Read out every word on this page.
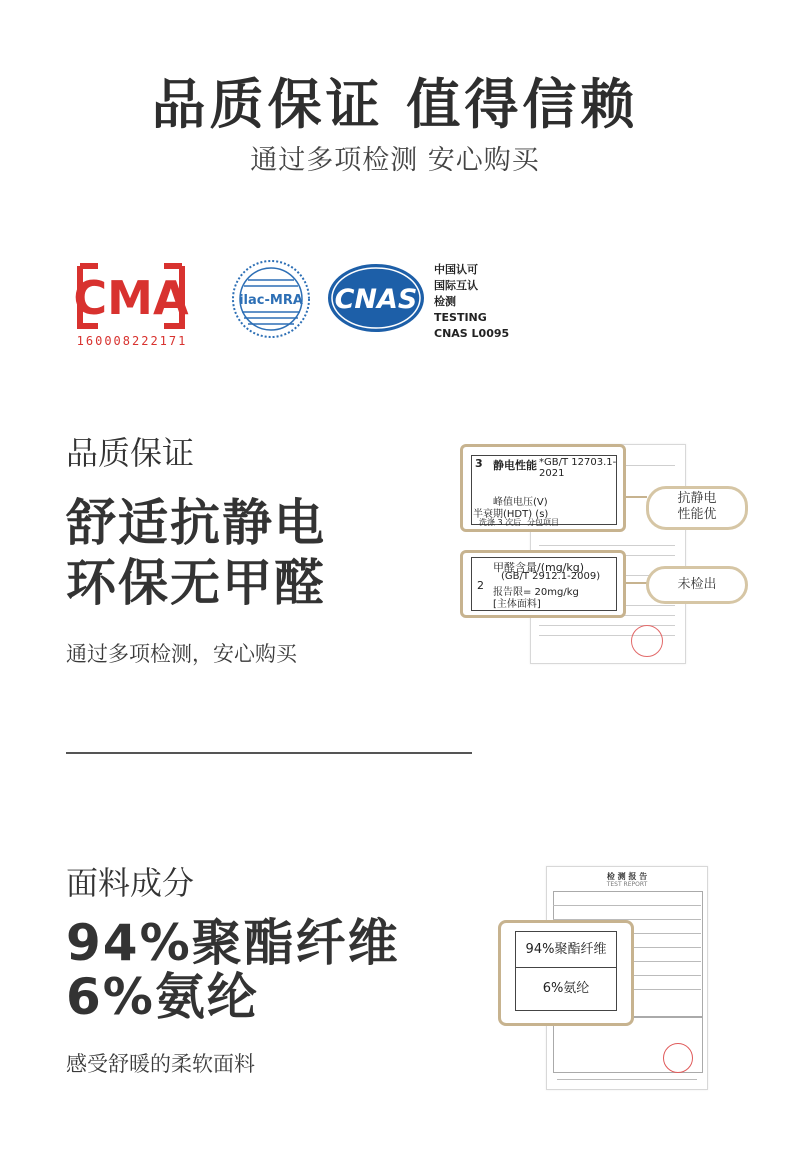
品质保证 值得信赖
通过多项检测 安心购买
CMA
160008222171
ilac-MRA CNAS
中国认可
国际互认
检测
TESTING
CNAS L0095
品质保证
舒适抗静电
环保无甲醛
通过多项检测，安心购买
3 静电性能 *GB/T 12703.1-2021
峰值电压(V)
半衰期(HDT) (s)
洗涤 3 次后 分包项目
2
甲醛含量/(mg/kg)
(GB/T 2912.1-2009)
报告限= 20mg/kg
[主体面料]
抗静电
性能优
未检出
面料成分
94%聚酯纤维
6%氨纶
感受舒暖的柔软面料
检 测 报 告
TEST REPORT
94%聚酯纤维
6%氨纶
